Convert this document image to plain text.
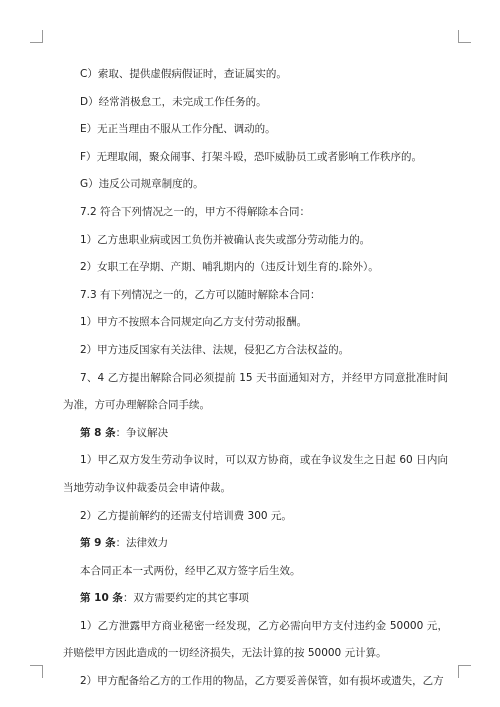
C）索取、提供虚假病假证时，查证属实的。

D）经常消极怠工，未完成工作任务的。

E）无正当理由不服从工作分配、调动的。

F）无理取闹，聚众闹事、打架斗殴，恐吓威胁员工或者影响工作秩序的。

G）违反公司规章制度的。

7.2 符合下列情况之一的，甲方不得解除本合同：

1）乙方患职业病或因工负伤并被确认丧失或部分劳动能力的。

2）女职工在孕期、产期、哺乳期内的（违反计划生育的.除外）。

7.3 有下列情况之一的，乙方可以随时解除本合同：

1）甲方不按照本合同规定向乙方支付劳动报酬。

2）甲方违反国家有关法律、法规，侵犯乙方合法权益的。

7、4 乙方提出解除合同必须提前 15 天书面通知对方，并经甲方同意批准时间为准，方可办理解除合同手续。

第 8 条：争议解决

1）甲乙双方发生劳动争议时，可以双方协商，或在争议发生之日起 60 日内向当地劳动争议仲裁委员会申请仲裁。

2）乙方提前解约的还需支付培训费 300 元。

第 9 条：法律效力

本合同正本一式两份，经甲乙双方签字后生效。

第 10 条：双方需要约定的其它事项

1）乙方泄露甲方商业秘密一经发现，乙方必需向甲方支付违约金 50000 元，并赔偿甲方因此造成的一切经济损失，无法计算的按 50000 元计算。

2）甲方配备给乙方的工作用的物品，乙方要妥善保管，如有损坏或遗失，乙方
